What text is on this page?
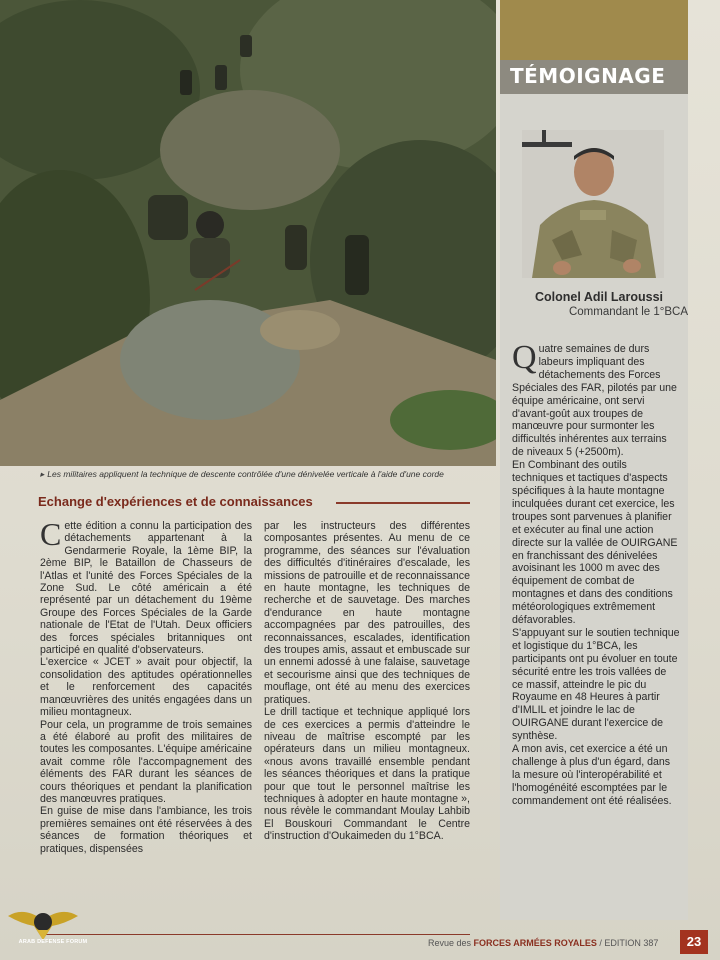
▸ Les militaires appliquent la technique de descente contrôlée d'une dénivelée verticale à l'aide d'une corde
TÉMOIGNAGE
Colonel Adil Laroussi
Commandant le 1°BCA

Quatre semaines de durs labeurs impliquant des détachements des Forces Spéciales des FAR, pilotés par une équipe américaine, ont servi d'avant-goût aux troupes de manœuvre pour surmonter les difficultés inhérentes aux terrains de niveaux 5 (+2500m).

En Combinant des outils techniques et tactiques d'aspects spécifiques à la haute montagne inculquées durant cet exercice, les troupes sont parvenues à planifier et exécuter au final une action directe sur la vallée de OUIRGANE en franchissant des dénivelées avoisinant les 1000 m avec des équipement de combat de montagnes et dans des conditions météorologiques extrêmement défavorables.

S'appuyant sur le soutien technique et logistique du 1°BCA, les participants ont pu évoluer en toute sécurité entre les trois vallées de ce massif, atteindre le pic du Royaume en 48 Heures à partir d'IMLIL et joindre le lac de OUIRGANE durant l'exercice de synthèse.

A mon avis, cet exercice a été un challenge à plus d'un égard, dans la mesure où l'interopérabilité et l'homogénéité escomptées par le commandement ont été réalisées.

Echange d'expériences et de connaissances

Cette édition a connu la participation des détachements appartenant à la Gendarmerie Royale, la 1ème BIP, la 2ème BIP, le Bataillon de Chasseurs de l'Atlas et l'unité des Forces Spéciales de la Zone Sud. Le côté américain a été représenté par un détachement du 19ème Groupe des Forces Spéciales de la Garde nationale de l'Etat de l'Utah. Deux officiers des forces spéciales britanniques ont participé en qualité d'observateurs.

L'exercice « JCET » avait pour objectif, la consolidation des aptitudes opérationnelles et le renforcement des capacités manœuvrières des unités engagées dans un milieu montagneux.

Pour cela, un programme de trois semaines a été élaboré au profit des militaires de toutes les composantes. L'équipe américaine avait comme rôle l'accompagnement des éléments des FAR durant les séances de cours théoriques et pendant la planification des manœuvres pratiques.

En guise de mise dans l'ambiance, les trois premières semaines ont été réservées à des séances de formation théoriques et pratiques, dispensées

par les instructeurs des différentes composantes présentes. Au menu de ce programme, des séances sur l'évaluation des difficultés d'itinéraires d'escalade, les missions de patrouille et de reconnaissance en haute montagne, les techniques de recherche et de sauvetage. Des marches d'endurance en haute montagne accompagnées par des patrouilles, des reconnaissances, escalades, identification des troupes amis, assaut et embuscade sur un ennemi adossé à une falaise, sauvetage et secourisme ainsi que des techniques de mouflage, ont été au menu des exercices pratiques.

Le drill tactique et technique appliqué lors de ces exercices a permis d'atteindre le niveau de maîtrise escompté par les opérateurs dans un milieu montagneux. «nous avons travaillé ensemble pendant les séances théoriques et dans la pratique pour que tout le personnel maîtrise les techniques à adopter en haute montagne », nous révèle le commandant Moulay Lahbib El Bouskouri Commandant le Centre d'instruction d'Oukaimeden du 1°BCA.

Revue des FORCES ARMÉES ROYALES / EDITION 387	23
ARAB DEFENSE FORUM
